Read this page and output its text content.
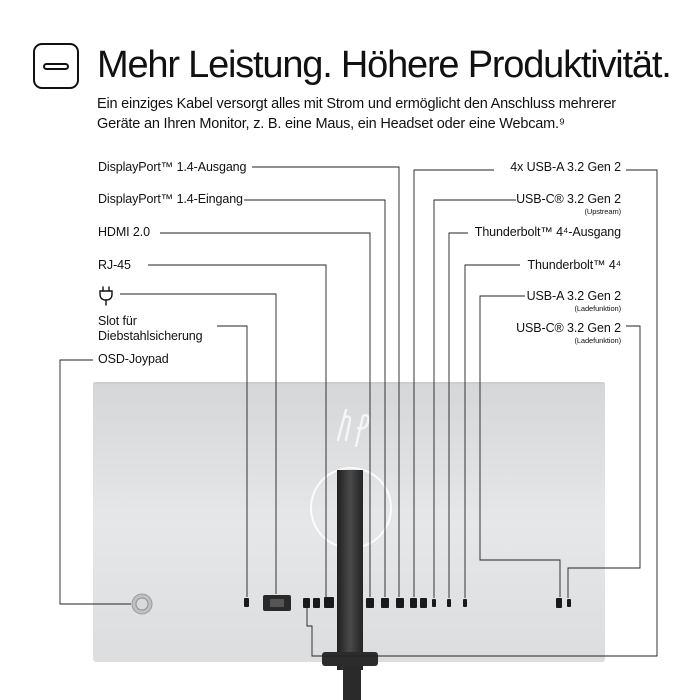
Mehr Leistung. Höhere Produktivität.

Ein einziges Kabel versorgt alles mit Strom und ermöglicht den Anschluss mehrerer
Geräte an Ihren Monitor, z. B. eine Maus, ein Headset oder eine Webcam.⁹

DisplayPort™ 1.4-Ausgang
DisplayPort™ 1.4-Eingang
HDMI 2.0
RJ-45
Slot für
Diebstahlsicherung
OSD-Joypad
4x USB-A 3.2 Gen 2
USB-C® 3.2 Gen 2
(Upstream)
Thunderbolt™ 4⁴-Ausgang
Thunderbolt™ 4⁴
USB-A 3.2 Gen 2
(Ladefunktion)
USB-C® 3.2 Gen 2
(Ladefunktion)
